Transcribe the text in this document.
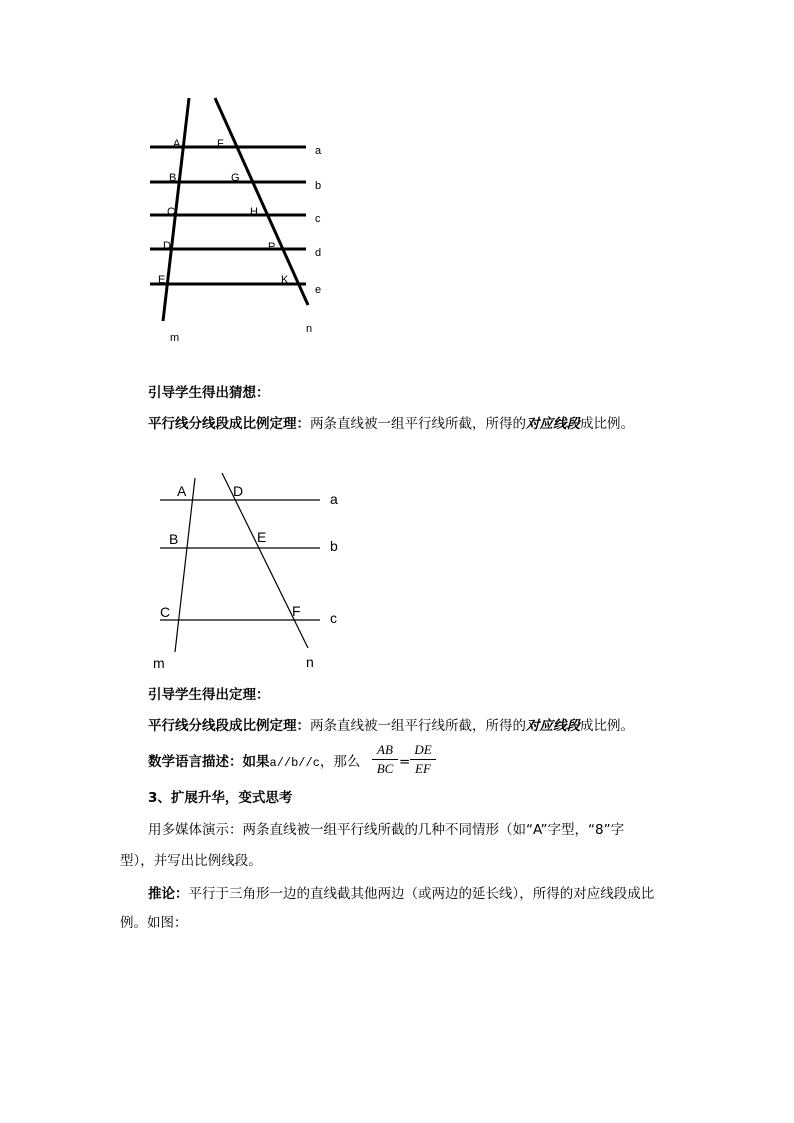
a
b
c
d
e
A
B
C
D
E
F
G
H
P
K
m
n
引导学生得出猜想：
平行线分线段成比例定理：两条直线被一组平行线所截，所得的对应线段成比例。
A
B
C
D
E
F
a
b
c
m	n
引导学生得出定理：
平行线分线段成比例定理：两条直线被一组平行线所截，所得的对应线段成比例。
数学语言描述：如果a//b//c，那么
AB
BC =
DE
EF
3、扩展升华，变式思考
用多媒体演示：两条直线被一组平行线所截的几种不同情形（如“A”字型，“8”字
型），并写出比例线段。
推论：平行于三角形一边的直线截其他两边（或两边的延长线），所得的对应线段成比
例。如图：
